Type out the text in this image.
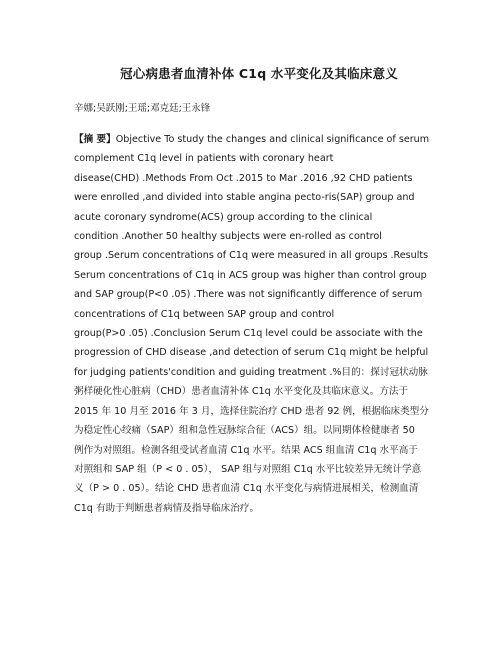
冠心病患者血清补体 C1q 水平变化及其临床意义
辛娜;吴跃刚;王瑶;邓克廷;王永锋
【摘 要】Objective To study the changes and clinical significance of serum
complement C1q level in patients with coronary heart
disease(CHD) .Methods From Oct .2015 to Mar .2016 ,92 CHD patients
were enrolled ,and divided into stable angina pecto-ris(SAP) group and
acute coronary syndrome(ACS) group according to the clinical
condition .Another 50 healthy subjects were en-rolled as control
group .Serum concentrations of C1q were measured in all groups .Results
Serum concentrations of C1q in ACS group was higher than control group
and SAP group(P<0 .05) .There was not significantly difference of serum
concentrations of C1q between SAP group and control
group(P>0 .05) .Conclusion Serum C1q level could be associate with the
progression of CHD disease ,and detection of serum C1q might be helpful
for judging patients'condition and guiding treatment .%目的：探讨冠状动脉
粥样硬化性心脏病（CHD）患者血清补体 C1q 水平变化及其临床意义。方法于
2015 年 10 月至 2016 年 3 月，选择住院治疗 CHD 患者 92 例，根据临床类型分
为稳定性心绞痛（SAP）组和急性冠脉综合征（ACS）组。以同期体检健康者 50
例作为对照组。检测各组受试者血清 C1q 水平。结果 ACS 组血清 C1q 水平高于
对照组和 SAP 组（P < 0 . 05）， SAP 组与对照组 C1q 水平比较差异无统计学意
义（P > 0 . 05）。结论 CHD 患者血清 C1q 水平变化与病情进展相关，检测血清
C1q 有助于判断患者病情及指导临床治疗。
